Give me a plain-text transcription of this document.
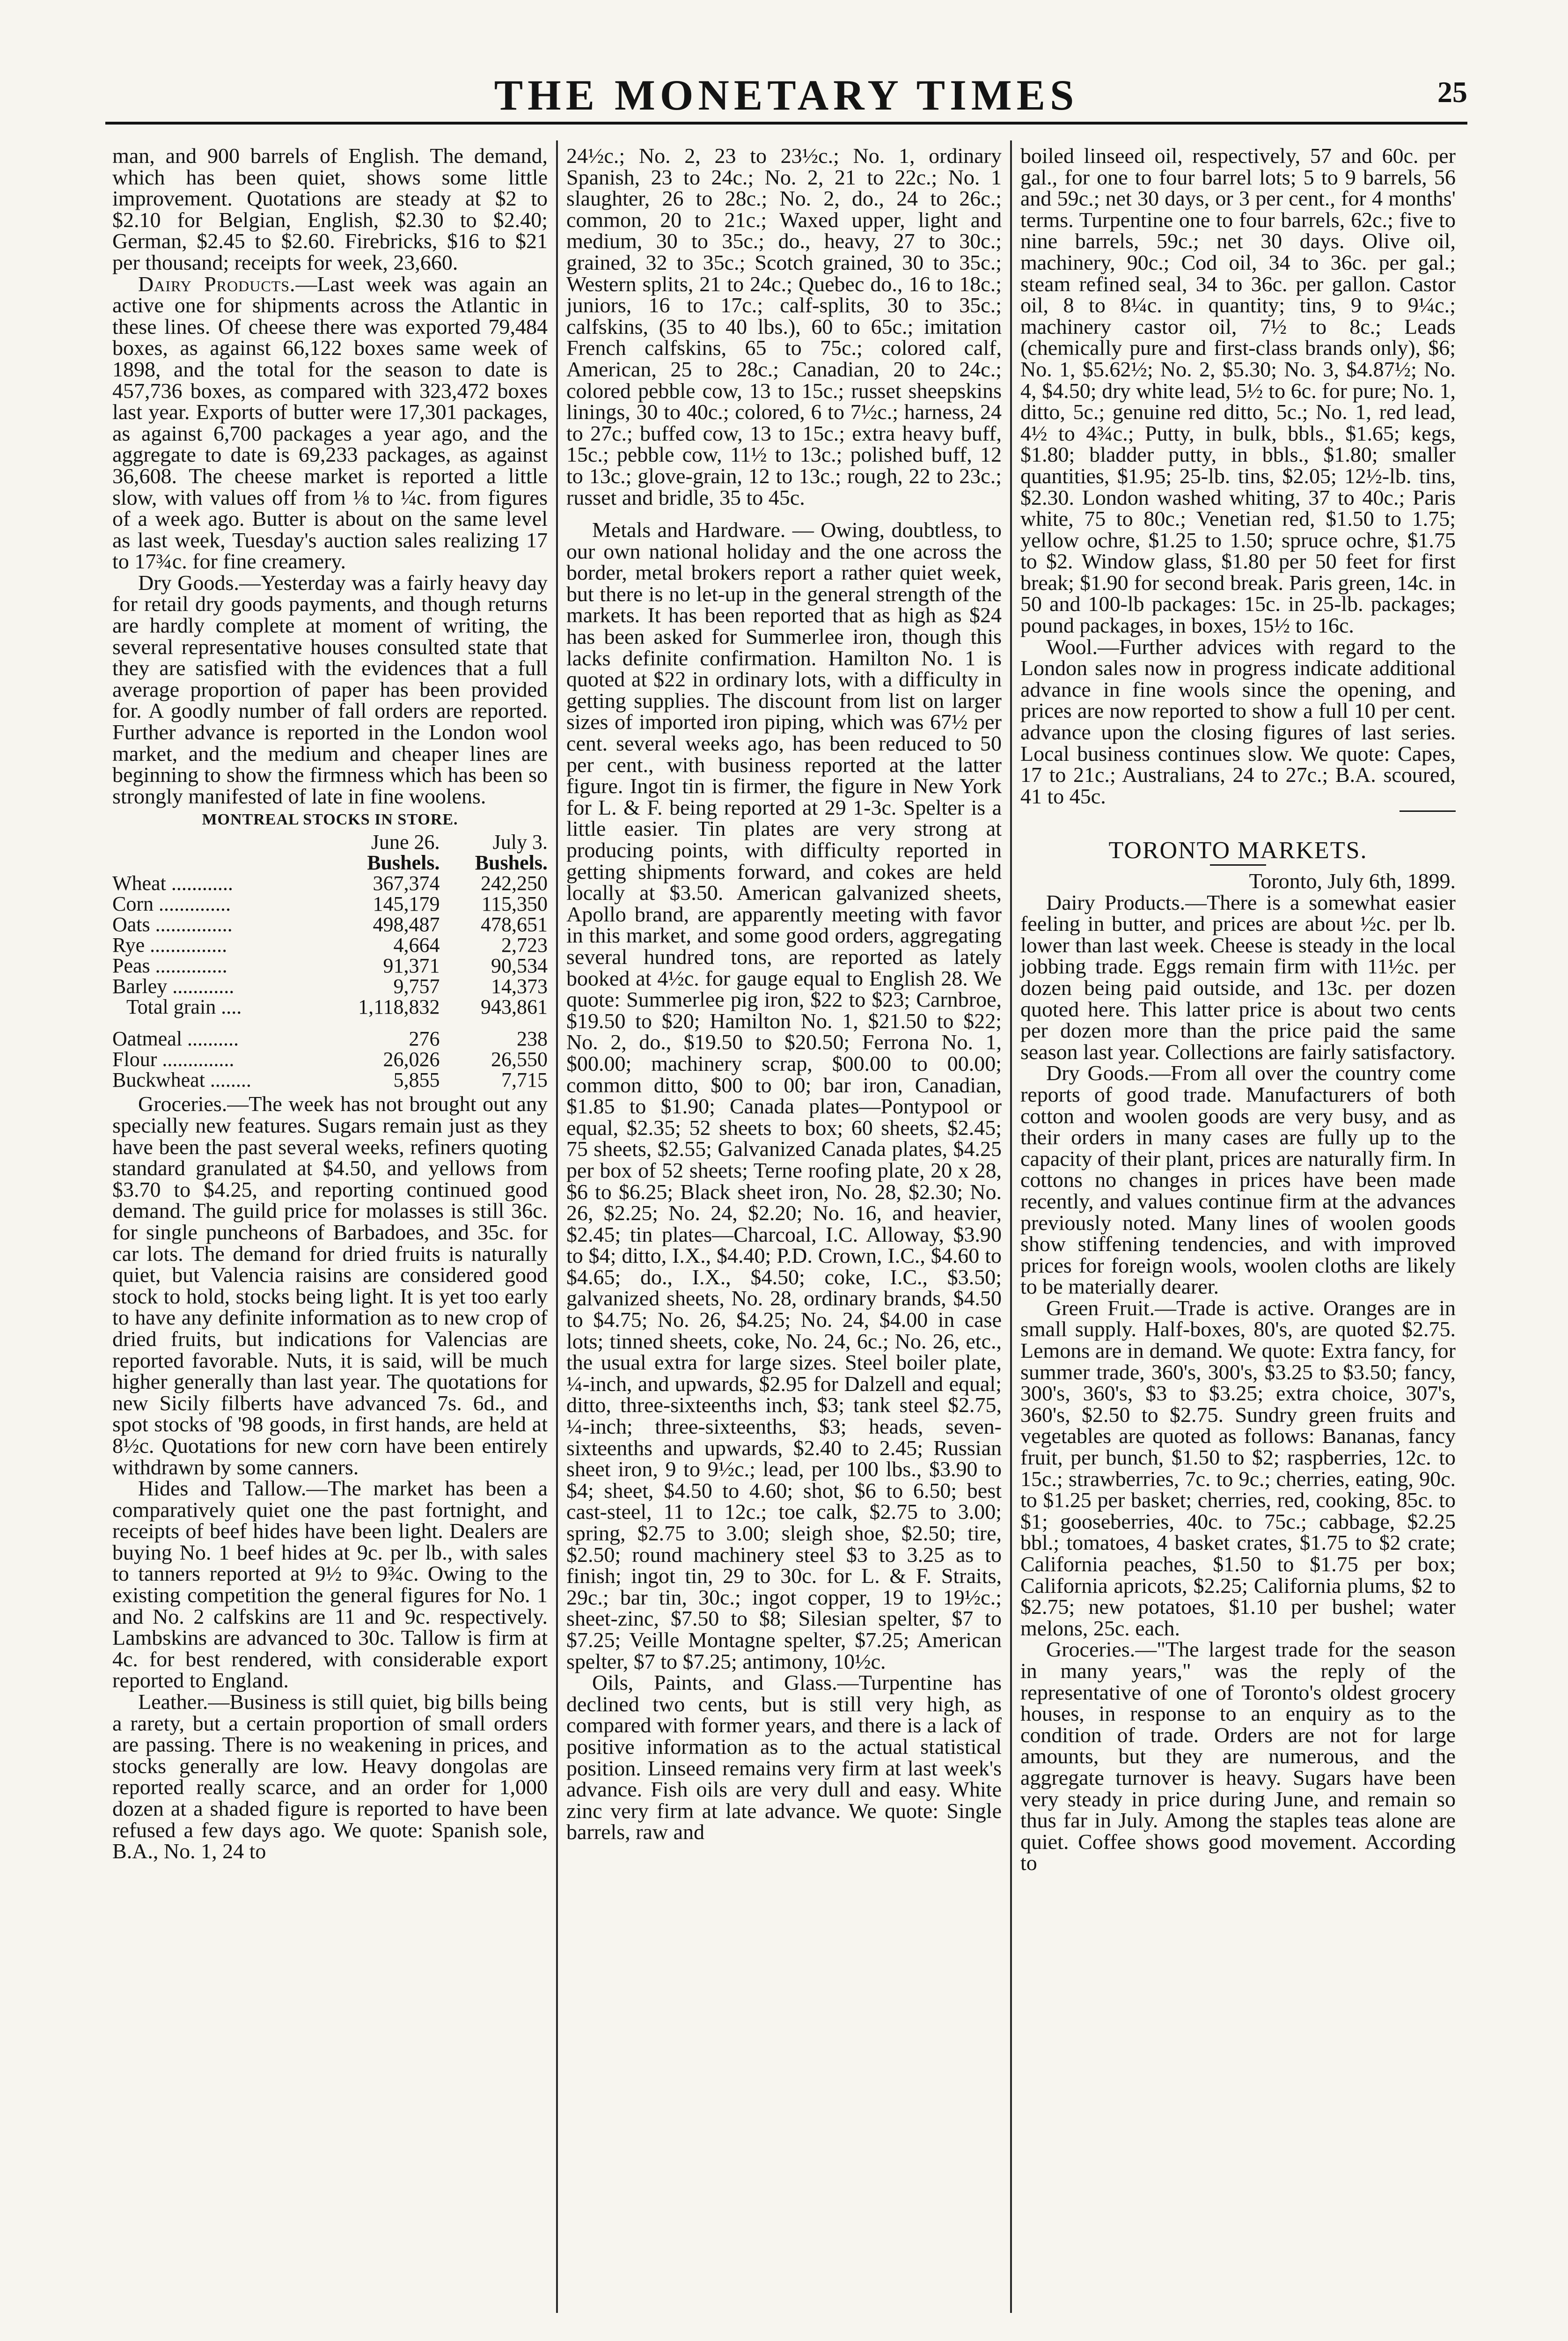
THE MONETARY TIMES	25

man, and 900 barrels of English. The demand, which has been quiet, shows some little improvement. Quotations are steady at $2 to $2.10 for Belgian, English, $2.30 to $2.40; German, $2.45 to $2.60. Firebricks, $16 to $21 per thousand; receipts for week, 23,660.

Dairy Products.—Last week was again an active one for shipments across the Atlantic in these lines. Of cheese there was exported 79,484 boxes, as against 66,122 boxes same week of 1898, and the total for the season to date is 457,736 boxes, as compared with 323,472 boxes last year. Exports of butter were 17,301 packages, as against 6,700 packages a year ago, and the aggregate to date is 69,233 packages, as against 36,608. The cheese market is reported a little slow, with values off from ⅛ to ¼c. from figures of a week ago. Butter is about on the same level as last week, Tuesday's auction sales realizing 17 to 17¾c. for fine creamery.

Dry Goods.—Yesterday was a fairly heavy day for retail dry goods payments, and though returns are hardly complete at moment of writing, the several representative houses consulted state that they are satisfied with the evidences that a full average proportion of paper has been provided for. A goodly number of fall orders are reported. Further advance is reported in the London wool market, and the medium and cheaper lines are beginning to show the firmness which has been so strongly manifested of late in fine woolens.

MONTREAL STOCKS IN STORE.
	June 26.	July 3.
	Bushels.	Bushels.
Wheat ............	367,374	242,250
Corn ..............	145,179	115,350
Oats ...............	498,487	478,651
Rye ...............	4,664	2,723
Peas ..............	91,371	90,534
Barley ............	9,757	14,373
Total grain ....	1,118,832	943,861
Oatmeal ..........	276	238
Flour ..............	26,026	26,550
Buckwheat ........	5,855	7,715

Groceries.—The week has not brought out any specially new features. Sugars remain just as they have been the past several weeks, refiners quoting standard granulated at $4.50, and yellows from $3.70 to $4.25, and reporting continued good demand. The guild price for molasses is still 36c. for single puncheons of Barbadoes, and 35c. for car lots. The demand for dried fruits is naturally quiet, but Valencia raisins are considered good stock to hold, stocks being light. It is yet too early to have any definite information as to new crop of dried fruits, but indications for Valencias are reported favorable. Nuts, it is said, will be much higher generally than last year. The quotations for new Sicily filberts have advanced 7s. 6d., and spot stocks of '98 goods, in first hands, are held at 8½c. Quotations for new corn have been entirely withdrawn by some canners.

Hides and Tallow.—The market has been a comparatively quiet one the past fortnight, and receipts of beef hides have been light. Dealers are buying No. 1 beef hides at 9c. per lb., with sales to tanners reported at 9½ to 9¾c. Owing to the existing competition the general figures for No. 1 and No. 2 calfskins are 11 and 9c. respectively. Lambskins are advanced to 30c. Tallow is firm at 4c. for best rendered, with considerable export reported to England.

Leather.—Business is still quiet, big bills being a rarety, but a certain proportion of small orders are passing. There is no weakening in prices, and stocks generally are low. Heavy dongolas are reported really scarce, and an order for 1,000 dozen at a shaded figure is reported to have been refused a few days ago. We quote: Spanish sole, B.A., No. 1, 24 to

24½c.; No. 2, 23 to 23½c.; No. 1, ordinary Spanish, 23 to 24c.; No. 2, 21 to 22c.; No. 1 slaughter, 26 to 28c.; No. 2, do., 24 to 26c.; common, 20 to 21c.; Waxed upper, light and medium, 30 to 35c.; do., heavy, 27 to 30c.; grained, 32 to 35c.; Scotch grained, 30 to 35c.; Western splits, 21 to 24c.; Quebec do., 16 to 18c.; juniors, 16 to 17c.; calf-splits, 30 to 35c.; calfskins, (35 to 40 lbs.), 60 to 65c.; imitation French calfskins, 65 to 75c.; colored calf, American, 25 to 28c.; Canadian, 20 to 24c.; colored pebble cow, 13 to 15c.; russet sheepskins linings, 30 to 40c.; colored, 6 to 7½c.; harness, 24 to 27c.; buffed cow, 13 to 15c.; extra heavy buff, 15c.; pebble cow, 11½ to 13c.; polished buff, 12 to 13c.; glove-grain, 12 to 13c.; rough, 22 to 23c.; russet and bridle, 35 to 45c.

Metals and Hardware. — Owing, doubtless, to our own national holiday and the one across the border, metal brokers report a rather quiet week, but there is no let-up in the general strength of the markets. It has been reported that as high as $24 has been asked for Summerlee iron, though this lacks definite confirmation. Hamilton No. 1 is quoted at $22 in ordinary lots, with a difficulty in getting supplies. The discount from list on larger sizes of imported iron piping, which was 67½ per cent. several weeks ago, has been reduced to 50 per cent., with business reported at the latter figure. Ingot tin is firmer, the figure in New York for L. & F. being reported at 29 1-3c. Spelter is a little easier. Tin plates are very strong at producing points, with difficulty reported in getting shipments forward, and cokes are held locally at $3.50. American galvanized sheets, Apollo brand, are apparently meeting with favor in this market, and some good orders, aggregating several hundred tons, are reported as lately booked at 4½c. for gauge equal to English 28. We quote: Summerlee pig iron, $22 to $23; Carnbroe, $19.50 to $20; Hamilton No. 1, $21.50 to $22; No. 2, do., $19.50 to $20.50; Ferrona No. 1, $00.00; machinery scrap, $00.00 to 00.00; common ditto, $00 to 00; bar iron, Canadian, $1.85 to $1.90; Canada plates—Pontypool or equal, $2.35; 52 sheets to box; 60 sheets, $2.45; 75 sheets, $2.55; Galvanized Canada plates, $4.25 per box of 52 sheets; Terne roofing plate, 20 x 28, $6 to $6.25; Black sheet iron, No. 28, $2.30; No. 26, $2.25; No. 24, $2.20; No. 16, and heavier, $2.45; tin plates—Charcoal, I.C. Alloway, $3.90 to $4; ditto, I.X., $4.40; P.D. Crown, I.C., $4.60 to $4.65; do., I.X., $4.50; coke, I.C., $3.50; galvanized sheets, No. 28, ordinary brands, $4.50 to $4.75; No. 26, $4.25; No. 24, $4.00 in case lots; tinned sheets, coke, No. 24, 6c.; No. 26, etc., the usual extra for large sizes. Steel boiler plate, ¼-inch, and upwards, $2.95 for Dalzell and equal; ditto, three-sixteenths inch, $3; tank steel $2.75, ¼-inch; three-sixteenths, $3; heads, seven-sixteenths and upwards, $2.40 to 2.45; Russian sheet iron, 9 to 9½c.; lead, per 100 lbs., $3.90 to $4; sheet, $4.50 to 4.60; shot, $6 to 6.50; best cast-steel, 11 to 12c.; toe calk, $2.75 to 3.00; spring, $2.75 to 3.00; sleigh shoe, $2.50; tire, $2.50; round machinery steel $3 to 3.25 as to finish; ingot tin, 29 to 30c. for L. & F. Straits, 29c.; bar tin, 30c.; ingot copper, 19 to 19½c.; sheet-zinc, $7.50 to $8; Silesian spelter, $7 to $7.25; Veille Montagne spelter, $7.25; American spelter, $7 to $7.25; antimony, 10½c.

Oils, Paints, and Glass.—Turpentine has declined two cents, but is still very high, as compared with former years, and there is a lack of positive information as to the actual statistical position. Linseed remains very firm at last week's advance. Fish oils are very dull and easy. White zinc very firm at late advance. We quote: Single barrels, raw and

boiled linseed oil, respectively, 57 and 60c. per gal., for one to four barrel lots; 5 to 9 barrels, 56 and 59c.; net 30 days, or 3 per cent., for 4 months' terms. Turpentine one to four barrels, 62c.; five to nine barrels, 59c.; net 30 days. Olive oil, machinery, 90c.; Cod oil, 34 to 36c. per gal.; steam refined seal, 34 to 36c. per gallon. Castor oil, 8 to 8¼c. in quantity; tins, 9 to 9¼c.; machinery castor oil, 7½ to 8c.; Leads (chemically pure and first-class brands only), $6; No. 1, $5.62½; No. 2, $5.30; No. 3, $4.87½; No. 4, $4.50; dry white lead, 5½ to 6c. for pure; No. 1, ditto, 5c.; genuine red ditto, 5c.; No. 1, red lead, 4½ to 4¾c.; Putty, in bulk, bbls., $1.65; kegs, $1.80; bladder putty, in bbls., $1.80; smaller quantities, $1.95; 25-lb. tins, $2.05; 12½-lb. tins, $2.30. London washed whiting, 37 to 40c.; Paris white, 75 to 80c.; Venetian red, $1.50 to 1.75; yellow ochre, $1.25 to 1.50; spruce ochre, $1.75 to $2. Window glass, $1.80 per 50 feet for first break; $1.90 for second break. Paris green, 14c. in 50 and 100-lb packages: 15c. in 25-lb. packages; pound packages, in boxes, 15½ to 16c.

Wool.—Further advices with regard to the London sales now in progress indicate additional advance in fine wools since the opening, and prices are now reported to show a full 10 per cent. advance upon the closing figures of last series. Local business continues slow. We quote: Capes, 17 to 21c.; Australians, 24 to 27c.; B.A. scoured, 41 to 45c.

TORONTO MARKETS.
Toronto, July 6th, 1899.

Dairy Products.—There is a somewhat easier feeling in butter, and prices are about ½c. per lb. lower than last week. Cheese is steady in the local jobbing trade. Eggs remain firm with 11½c. per dozen being paid outside, and 13c. per dozen quoted here. This latter price is about two cents per dozen more than the price paid the same season last year. Collections are fairly satisfactory.

Dry Goods.—From all over the country come reports of good trade. Manufacturers of both cotton and woolen goods are very busy, and as their orders in many cases are fully up to the capacity of their plant, prices are naturally firm. In cottons no changes in prices have been made recently, and values continue firm at the advances previously noted. Many lines of woolen goods show stiffening tendencies, and with improved prices for foreign wools, woolen cloths are likely to be materially dearer.

Green Fruit.—Trade is active. Oranges are in small supply. Half-boxes, 80's, are quoted $2.75. Lemons are in demand. We quote: Extra fancy, for summer trade, 360's, 300's, $3.25 to $3.50; fancy, 300's, 360's, $3 to $3.25; extra choice, 307's, 360's, $2.50 to $2.75. Sundry green fruits and vegetables are quoted as follows: Bananas, fancy fruit, per bunch, $1.50 to $2; raspberries, 12c. to 15c.; strawberries, 7c. to 9c.; cherries, eating, 90c. to $1.25 per basket; cherries, red, cooking, 85c. to $1; gooseberries, 40c. to 75c.; cabbage, $2.25 bbl.; tomatoes, 4 basket crates, $1.75 to $2 crate; California peaches, $1.50 to $1.75 per box; California apricots, $2.25; California plums, $2 to $2.75; new potatoes, $1.10 per bushel; water melons, 25c. each.

Groceries.—"The largest trade for the season in many years," was the reply of the representative of one of Toronto's oldest grocery houses, in response to an enquiry as to the condition of trade. Orders are not for large amounts, but they are numerous, and the aggregate turnover is heavy. Sugars have been very steady in price during June, and remain so thus far in July. Among the staples teas alone are quiet. Coffee shows good movement. According to
